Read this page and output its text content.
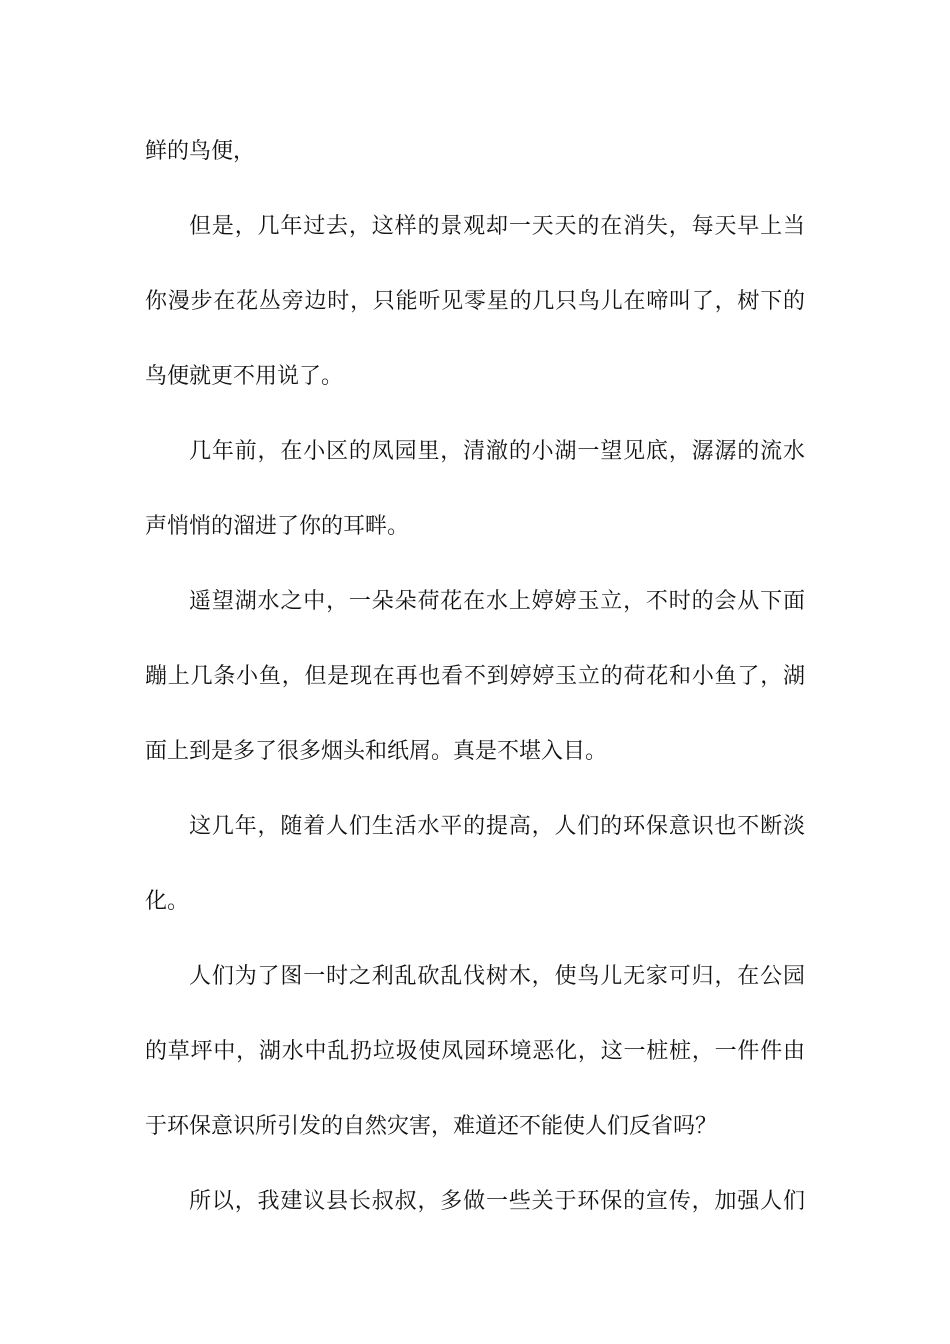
鲜的鸟便，
但是，几年过去，这样的景观却一天天的在消失，每天早上当
你漫步在花丛旁边时，只能听见零星的几只鸟儿在啼叫了，树下的
鸟便就更不用说了。
几年前，在小区的凤园里，清澈的小湖一望见底，潺潺的流水
声悄悄的溜进了你的耳畔。
遥望湖水之中，一朵朵荷花在水上婷婷玉立，不时的会从下面
蹦上几条小鱼，但是现在再也看不到婷婷玉立的荷花和小鱼了，湖
面上到是多了很多烟头和纸屑。真是不堪入目。
这几年，随着人们生活水平的提高，人们的环保意识也不断淡
化。
人们为了图一时之利乱砍乱伐树木，使鸟儿无家可归，在公园
的草坪中，湖水中乱扔垃圾使凤园环境恶化，这一桩桩，一件件由
于环保意识所引发的自然灾害，难道还不能使人们反省吗？
所以，我建议县长叔叔，多做一些关于环保的宣传，加强人们
